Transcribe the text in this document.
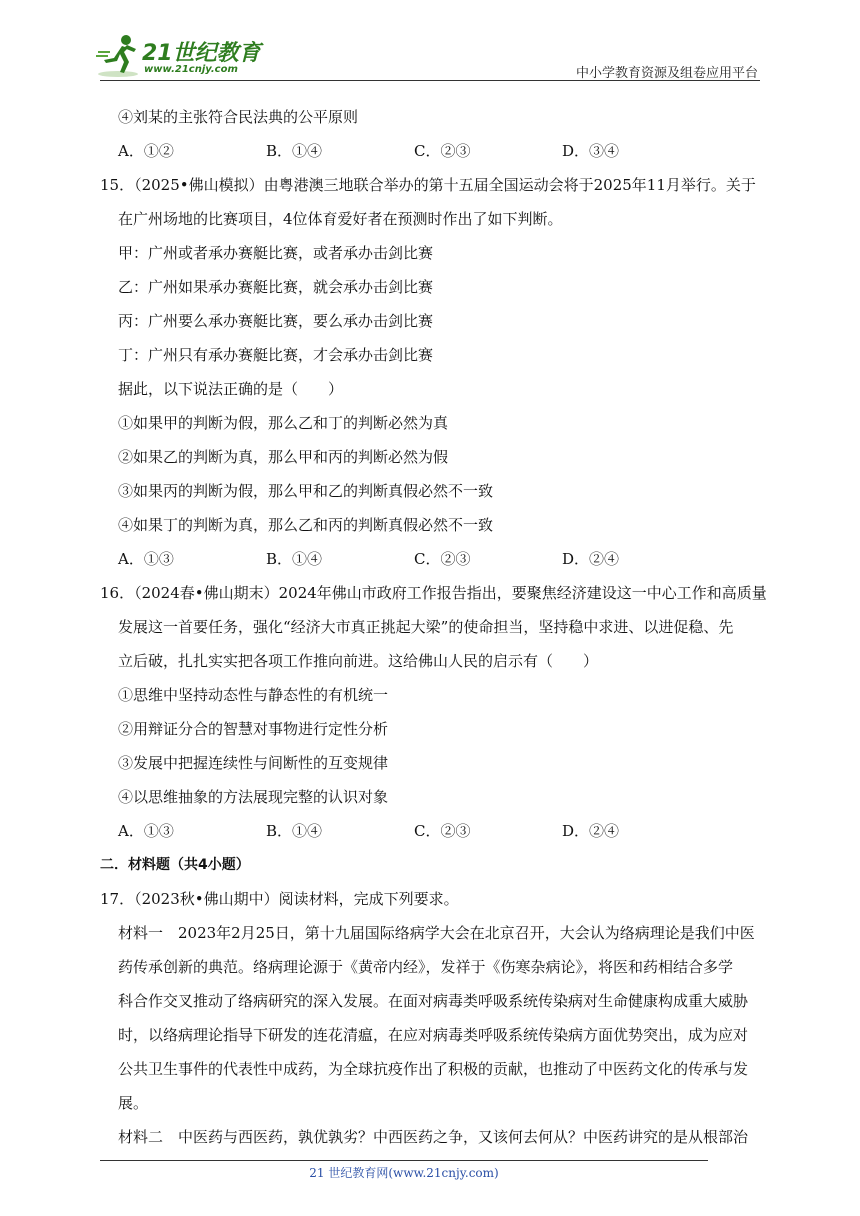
21世纪教育
www.21cnjy.com	中小学教育资源及组卷应用平台
④刘某的主张符合民法典的公平原则
A．①②	B．①④	C．②③	D．③④
15．（2025•佛山模拟）由粤港澳三地联合举办的第十五届全国运动会将于2025年11月举行。关于
在广州场地的比赛项目，4位体育爱好者在预测时作出了如下判断。
甲：广州或者承办赛艇比赛，或者承办击剑比赛
乙：广州如果承办赛艇比赛，就会承办击剑比赛
丙：广州要么承办赛艇比赛，要么承办击剑比赛
丁：广州只有承办赛艇比赛，才会承办击剑比赛
据此，以下说法正确的是（　　）
①如果甲的判断为假，那么乙和丁的判断必然为真
②如果乙的判断为真，那么甲和丙的判断必然为假
③如果丙的判断为假，那么甲和乙的判断真假必然不一致
④如果丁的判断为真，那么乙和丙的判断真假必然不一致
A．①③	B．①④	C．②③	D．②④
16．（2024春•佛山期末）2024年佛山市政府工作报告指出，要聚焦经济建设这一中心工作和高质量
发展这一首要任务，强化“经济大市真正挑起大梁”的使命担当，坚持稳中求进、以进促稳、先
立后破，扎扎实实把各项工作推向前进。这给佛山人民的启示有（　　）
①思维中坚持动态性与静态性的有机统一
②用辩证分合的智慧对事物进行定性分析
③发展中把握连续性与间断性的互变规律
④以思维抽象的方法展现完整的认识对象
A．①③	B．①④	C．②③	D．②④
二．材料题（共4小题）
17．（2023秋•佛山期中）阅读材料，完成下列要求。
材料一　2023年2月25日，第十九届国际络病学大会在北京召开，大会认为络病理论是我们中医
药传承创新的典范。络病理论源于《黄帝内经》，发祥于《伤寒杂病论》，将医和药相结合多学
科合作交叉推动了络病研究的深入发展。在面对病毒类呼吸系统传染病对生命健康构成重大威胁
时，以络病理论指导下研发的连花清瘟，在应对病毒类呼吸系统传染病方面优势突出，成为应对
公共卫生事件的代表性中成药，为全球抗疫作出了积极的贡献，也推动了中医药文化的传承与发
展。
材料二　中医药与西医药，孰优孰劣？中西医药之争，又该何去何从？中医药讲究的是从根部治
21 世纪教育网(www.21cnjy.com)
